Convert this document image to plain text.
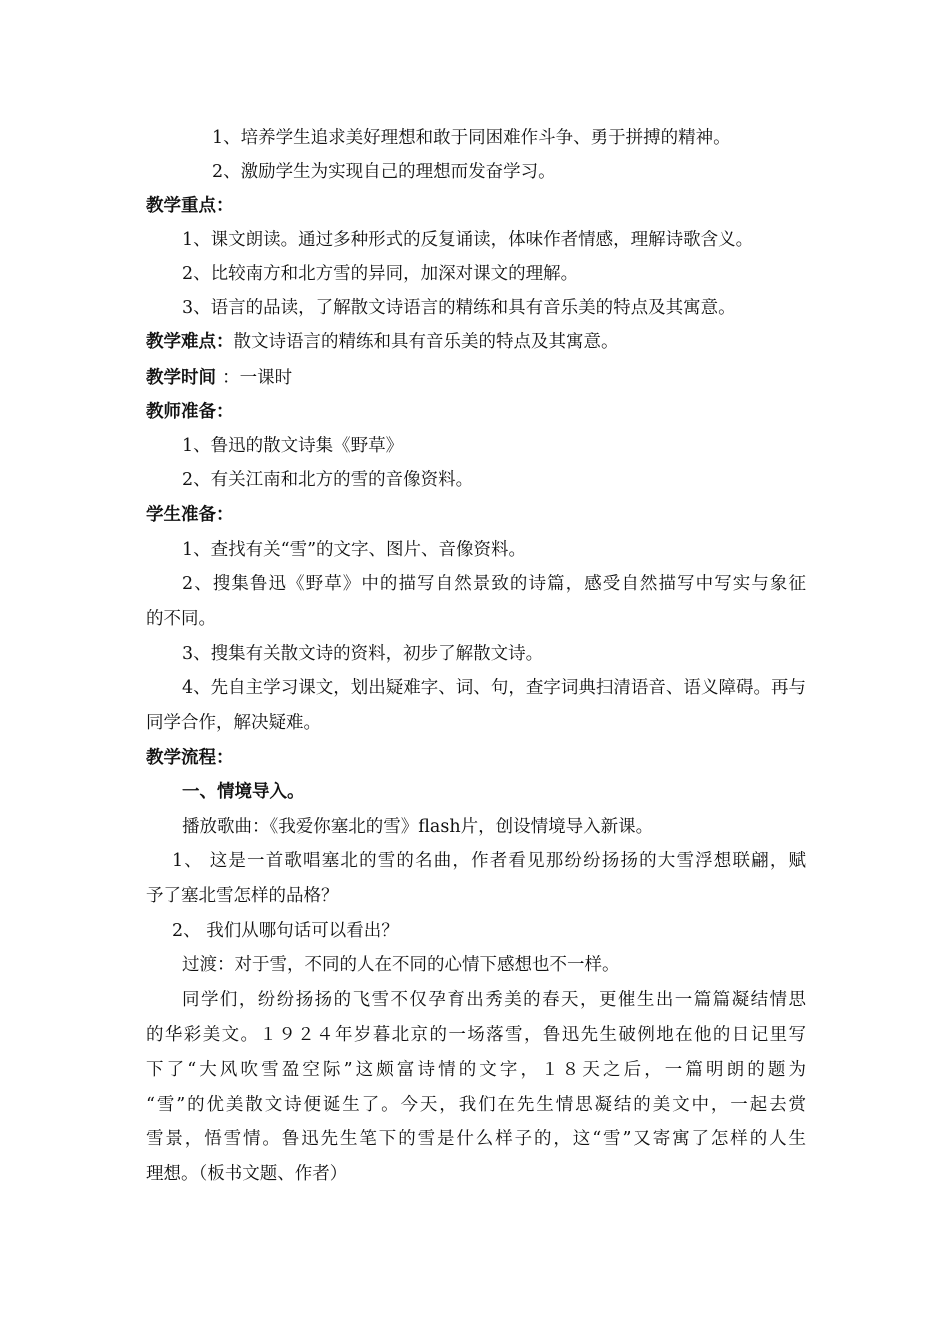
1、培养学生追求美好理想和敢于同困难作斗争、勇于拼搏的精神。
2、激励学生为实现自己的理想而发奋学习。
教学重点：
1、课文朗读。通过多种形式的反复诵读，体味作者情感，理解诗歌含义。
2、比较南方和北方雪的异同，加深对课文的理解。
3、语言的品读，了解散文诗语言的精练和具有音乐美的特点及其寓意。
教学难点：散文诗语言的精练和具有音乐美的特点及其寓意。
教学时间 ：一课时
教师准备：
1、鲁迅的散文诗集《野草》
2、有关江南和北方的雪的音像资料。
学生准备：
1、查找有关“雪”的文字、图片、音像资料。
2、搜集鲁迅《野草》中的描写自然景致的诗篇，感受自然描写中写实与象征
的不同。
3、搜集有关散文诗的资料，初步了解散文诗。
4、先自主学习课文，划出疑难字、词、句，查字词典扫清语音、语义障碍。再与
同学合作，解决疑难。
教学流程：
一、情境导入。
播放歌曲：《我爱你塞北的雪》flash片，创设情境导入新课。
1、 这是一首歌唱塞北的雪的名曲，作者看见那纷纷扬扬的大雪浮想联翩，赋
予了塞北雪怎样的品格？
2、 我们从哪句话可以看出？
过渡：对于雪，不同的人在不同的心情下感想也不一样。
同学们，纷纷扬扬的飞雪不仅孕育出秀美的春天，更催生出一篇篇凝结情思
的华彩美文。１９２４年岁暮北京的一场落雪，鲁迅先生破例地在他的日记里写
下了“大风吹雪盈空际”这颇富诗情的文字，１８天之后，一篇明朗的题为
“雪”的优美散文诗便诞生了。今天，我们在先生情思凝结的美文中，一起去赏
雪景，悟雪情。鲁迅先生笔下的雪是什么样子的，这“雪”又寄寓了怎样的人生
理想。（板书文题、作者）
